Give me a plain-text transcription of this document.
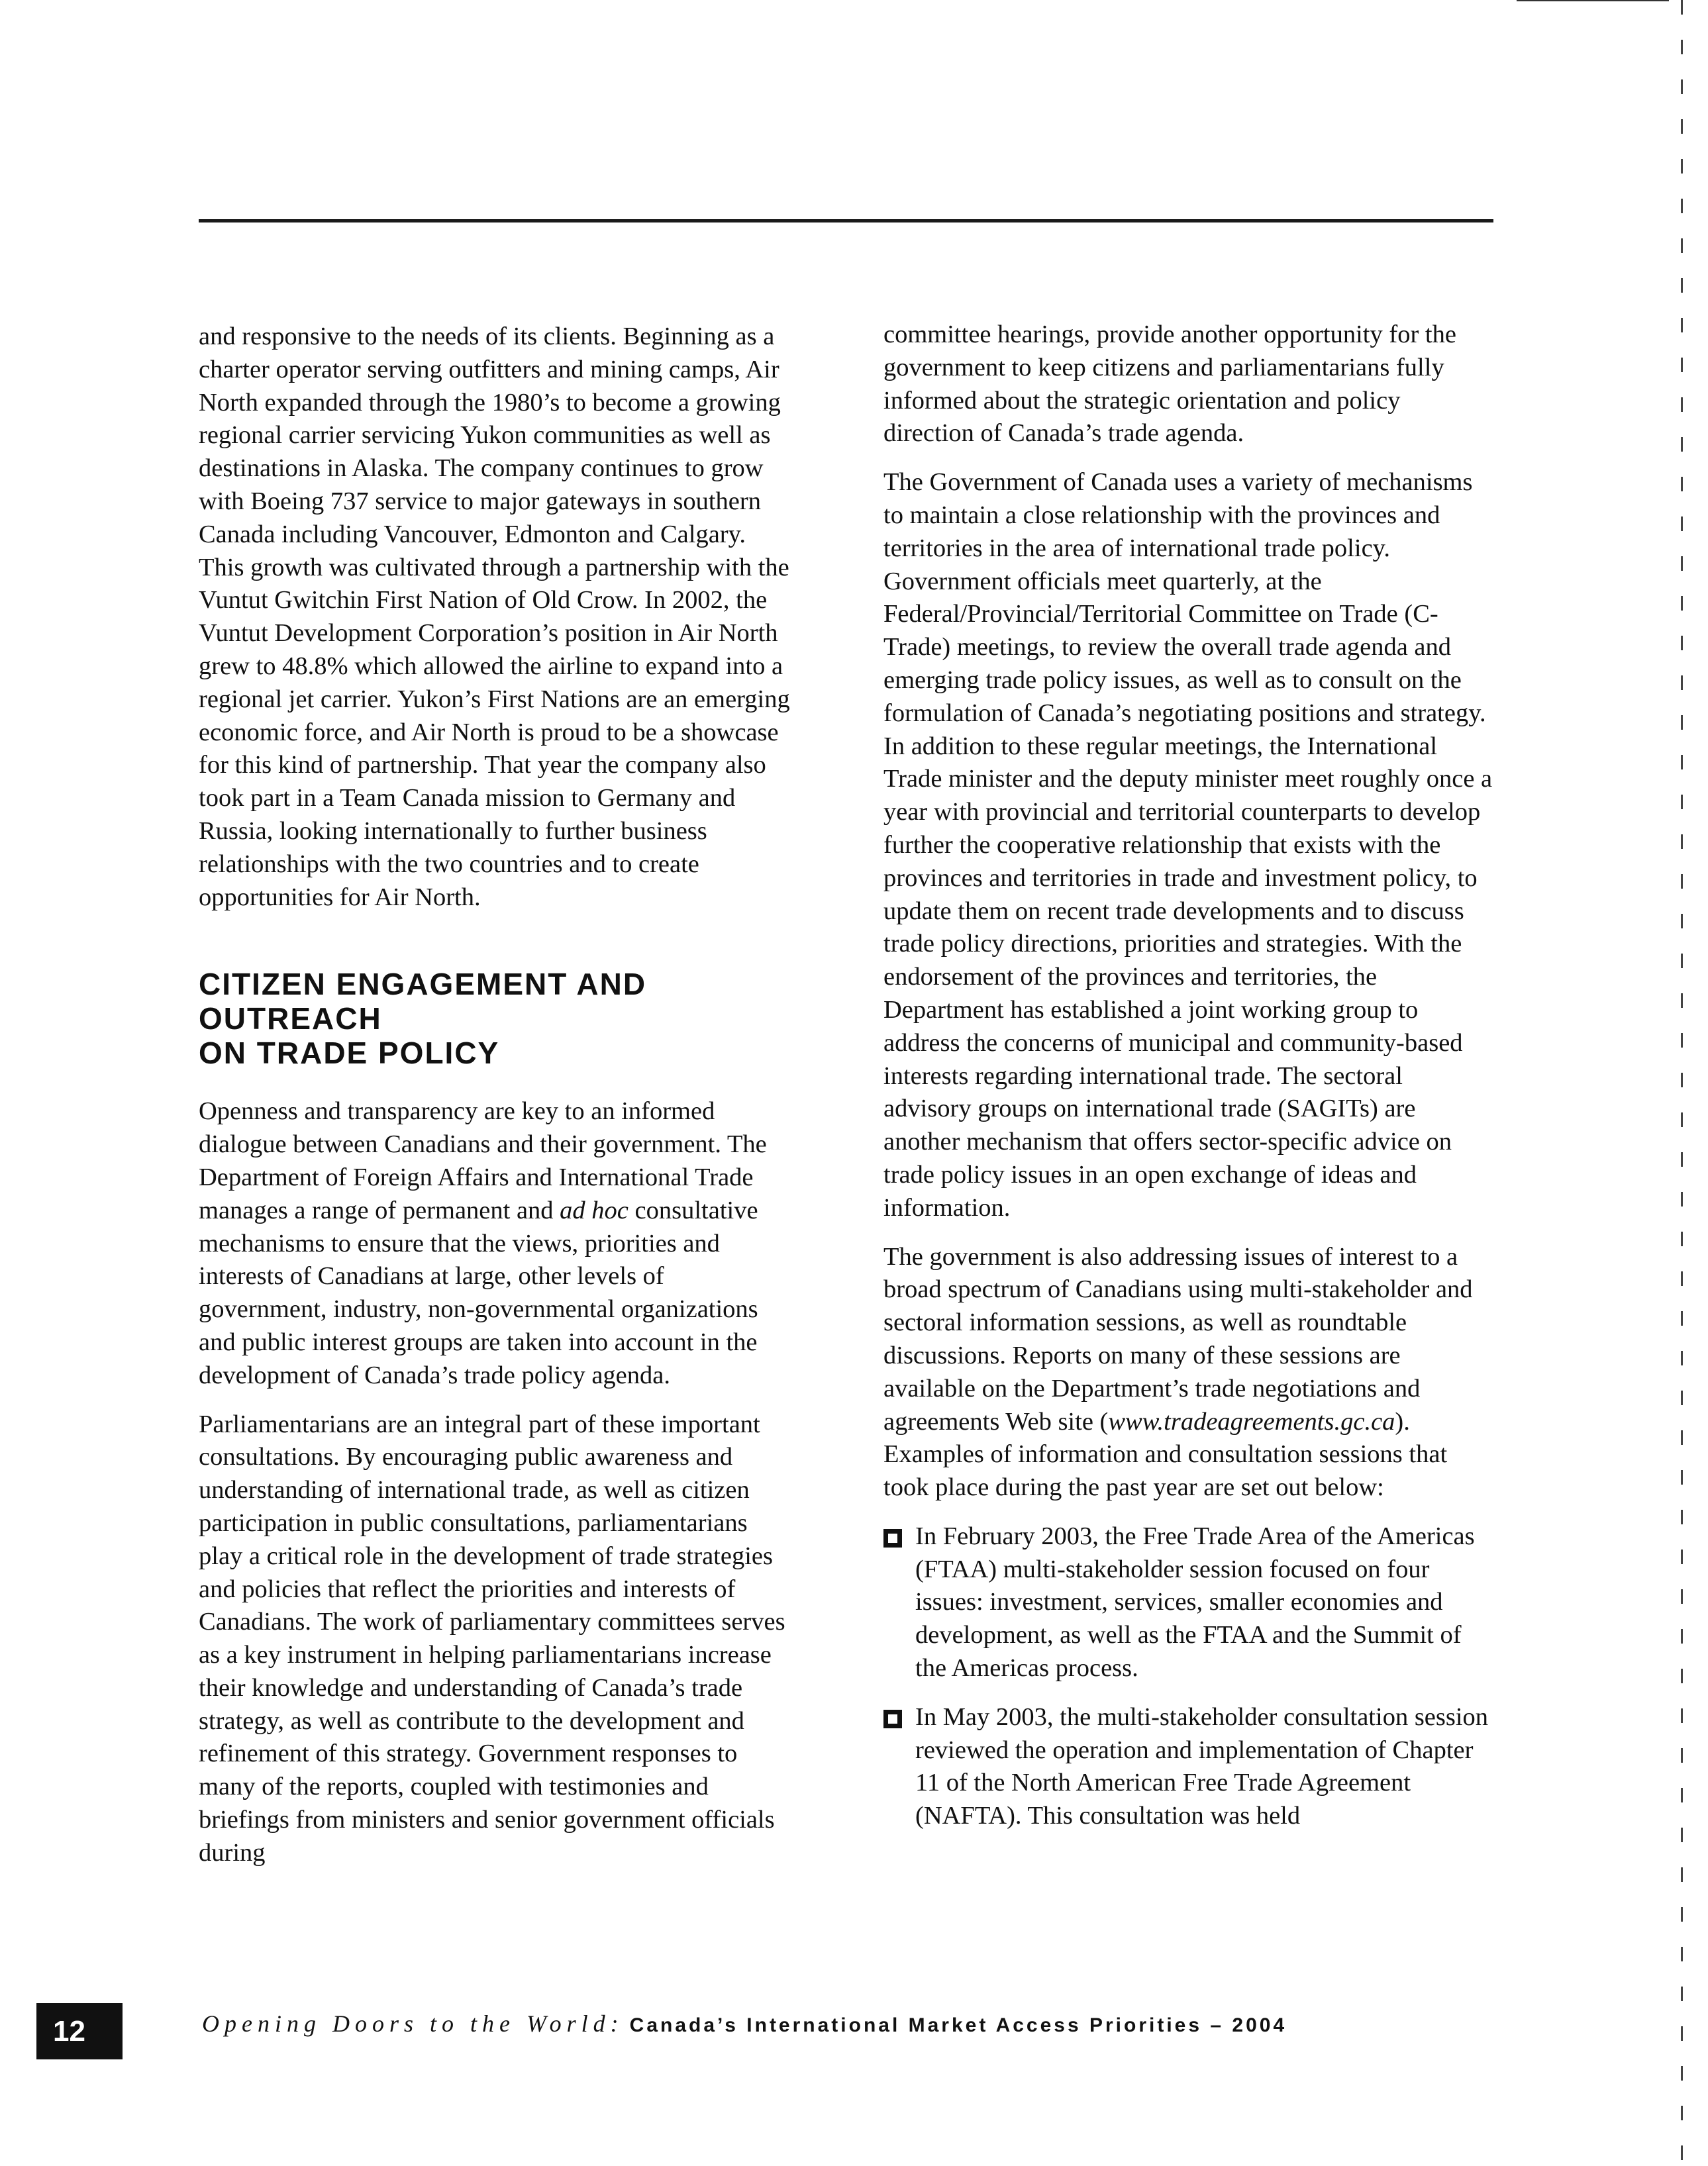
and responsive to the needs of its clients. Beginning as a charter operator serving outfitters and mining camps, Air North expanded through the 1980’s to become a growing regional carrier servicing Yukon communities as well as destinations in Alaska. The company continues to grow with Boeing 737 service to major gateways in southern Canada including Vancouver, Edmonton and Calgary. This growth was cultivated through a partnership with the Vuntut Gwitchin First Nation of Old Crow. In 2002, the Vuntut Development Corporation’s position in Air North grew to 48.8% which allowed the airline to expand into a regional jet carrier. Yukon’s First Nations are an emerging economic force, and Air North is proud to be a showcase for this kind of partnership. That year the company also took part in a Team Canada mission to Germany and Russia, looking internationally to further business relationships with the two countries and to create opportunities for Air North.

CITIZEN ENGAGEMENT AND OUTREACH
ON TRADE POLICY

Openness and transparency are key to an informed dialogue between Canadians and their government. The Department of Foreign Affairs and International Trade manages a range of permanent and ad hoc consultative mechanisms to ensure that the views, priorities and interests of Canadians at large, other levels of government, industry, non-governmental organizations and public interest groups are taken into account in the development of Canada’s trade policy agenda.

Parliamentarians are an integral part of these important consultations. By encouraging public awareness and understanding of international trade, as well as citizen participation in public consultations, parliamentarians play a critical role in the development of trade strategies and policies that reflect the priorities and interests of Canadians. The work of parliamentary committees serves as a key instrument in helping parliamentarians increase their knowledge and understanding of Canada’s trade strategy, as well as contribute to the development and refinement of this strategy. Government responses to many of the reports, coupled with testimonies and briefings from ministers and senior government officials during

committee hearings, provide another opportunity for the government to keep citizens and parliamentarians fully informed about the strategic orientation and policy direction of Canada’s trade agenda.

The Government of Canada uses a variety of mechanisms to maintain a close relationship with the provinces and territories in the area of international trade policy. Government officials meet quarterly, at the Federal/Provincial/Territorial Committee on Trade (C-Trade) meetings, to review the overall trade agenda and emerging trade policy issues, as well as to consult on the formulation of Canada’s negotiating positions and strategy. In addition to these regular meetings, the International Trade minister and the deputy minister meet roughly once a year with provincial and territorial counterparts to develop further the cooperative relationship that exists with the provinces and territories in trade and investment policy, to update them on recent trade developments and to discuss trade policy directions, priorities and strategies. With the endorsement of the provinces and territories, the Department has established a joint working group to address the concerns of municipal and community-based interests regarding international trade. The sectoral advisory groups on international trade (SAGITs) are another mechanism that offers sector-specific advice on trade policy issues in an open exchange of ideas and information.

The government is also addressing issues of interest to a broad spectrum of Canadians using multi-stakeholder and sectoral information sessions, as well as roundtable discussions. Reports on many of these sessions are available on the Department’s trade negotiations and agreements Web site (www.tradeagreements.gc.ca). Examples of information and consultation sessions that took place during the past year are set out below:

In February 2003, the Free Trade Area of the Americas (FTAA) multi-stakeholder session focused on four issues: investment, services, smaller economies and development, as well as the FTAA and the Summit of the Americas process.
In May 2003, the multi-stakeholder consultation session reviewed the operation and implementation of Chapter 11 of the North American Free Trade Agreement (NAFTA). This consultation was held
12	Opening Doors to the World: Canada’s International Market Access Priorities – 2004
